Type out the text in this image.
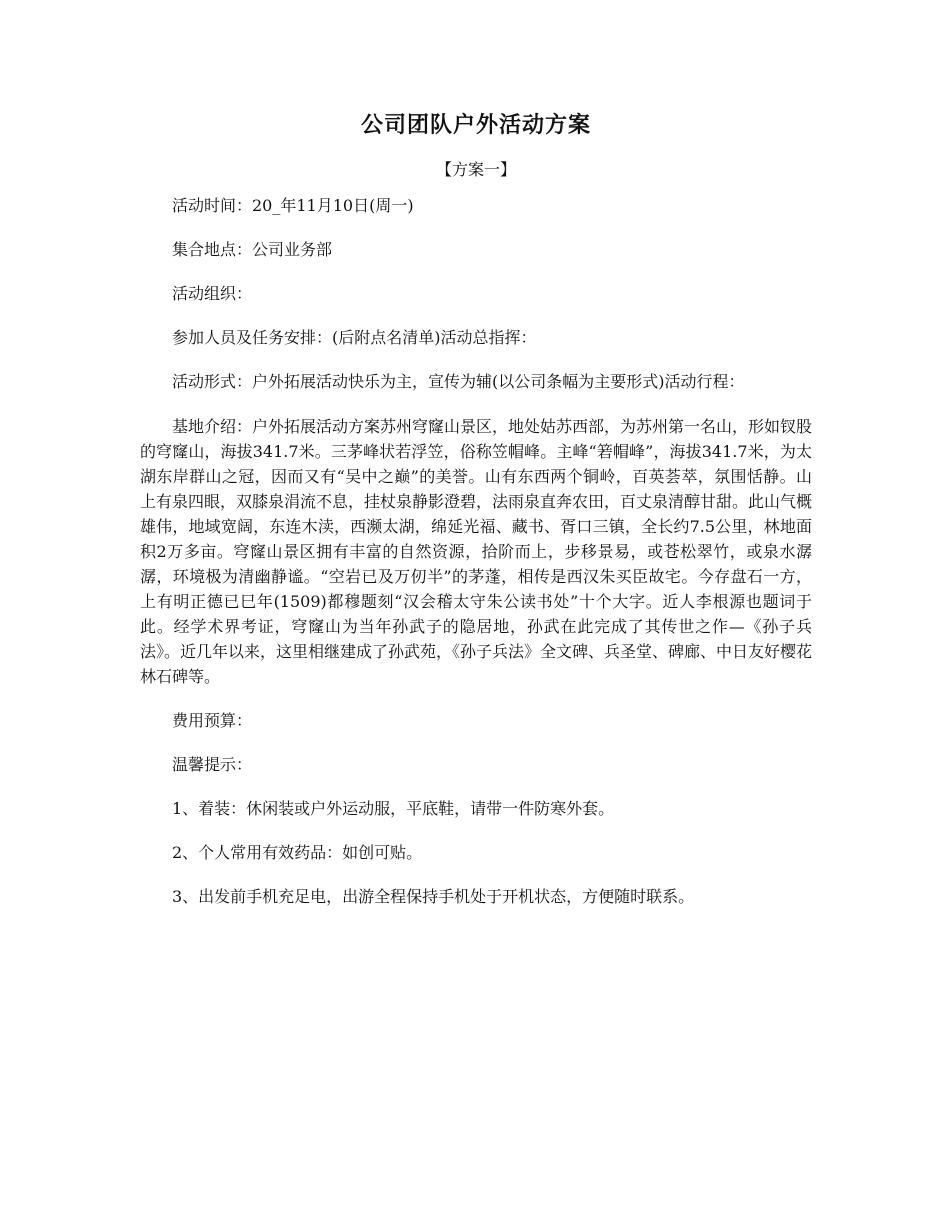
公司团队户外活动方案
【方案一】

活动时间：20_年11月10日(周一)

集合地点：公司业务部

活动组织：

参加人员及任务安排：(后附点名清单)活动总指挥：

活动形式：户外拓展活动快乐为主，宣传为辅(以公司条幅为主要形式)活动行程：

基地介绍：户外拓展活动方案苏州穹窿山景区，地处姑苏西部，为苏州第一名山，形如钗股的穹窿山，海拔341.7米。三茅峰状若浮笠，俗称笠帽峰。主峰“箬帽峰”，海拔341.7米，为太湖东岸群山之冠，因而又有“吴中之巅”的美誉。山有东西两个铜岭，百英荟萃，氛围恬静。山上有泉四眼，双膝泉涓流不息，挂杖泉静影澄碧，法雨泉直奔农田，百丈泉清醇甘甜。此山气概雄伟，地域宽阔，东连木渎，西濒太湖，绵延光福、藏书、胥口三镇，全长约7.5公里，林地面积2万多亩。穹窿山景区拥有丰富的自然资源，拾阶而上，步移景易，或苍松翠竹，或泉水潺潺，环境极为清幽静谧。“空岩已及万仞半”的茅蓬，相传是西汉朱买臣故宅。今存盘石一方，上有明正德已巳年(1509)都穆题刻“汉会稽太守朱公读书处”十个大字。近人李根源也题词于此。经学术界考证，穹窿山为当年孙武子的隐居地，孙武在此完成了其传世之作—《孙子兵法》。近几年以来，这里相继建成了孙武苑，《孙子兵法》全文碑、兵圣堂、碑廊、中日友好樱花林石碑等。

费用预算：

温馨提示：

1、着装：休闲装或户外运动服，平底鞋，请带一件防寒外套。

2、个人常用有效药品：如创可贴。

3、出发前手机充足电，出游全程保持手机处于开机状态，方便随时联系。
